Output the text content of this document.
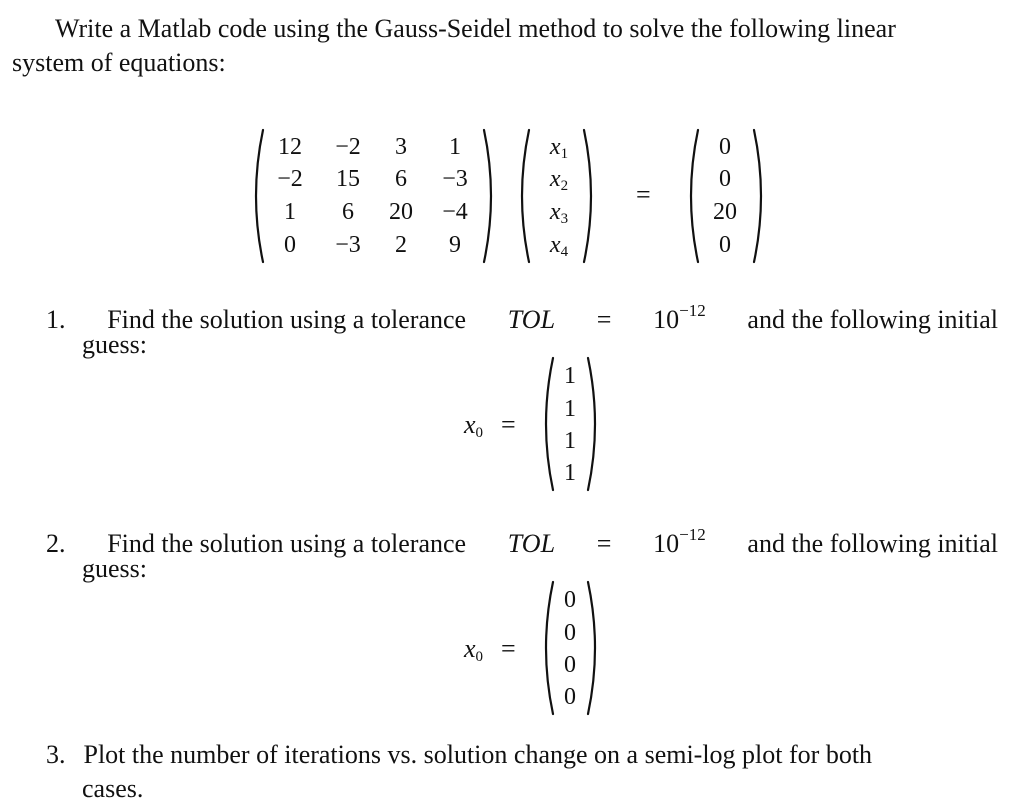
Write a Matlab code using the Gauss-Seidel method to solve the following linear
system of equations:
12	−2	3	1
−2	15	6	−3
1	6	20	−4
0	−3	2	9
$x_1$
$x_2$
$x_3$
$x_4$
=
0
0
20
0
1. Find the solution using a tolerance TOL = $10^{-12}$ and the following initial
guess:
$x_0$ =
1
1
1
1
2. Find the solution using a tolerance TOL = $10^{-12}$ and the following initial
guess:
$x_0$ =
0
0
0
0
3. Plot the number of iterations vs. solution change on a semi-log plot for both
cases.
